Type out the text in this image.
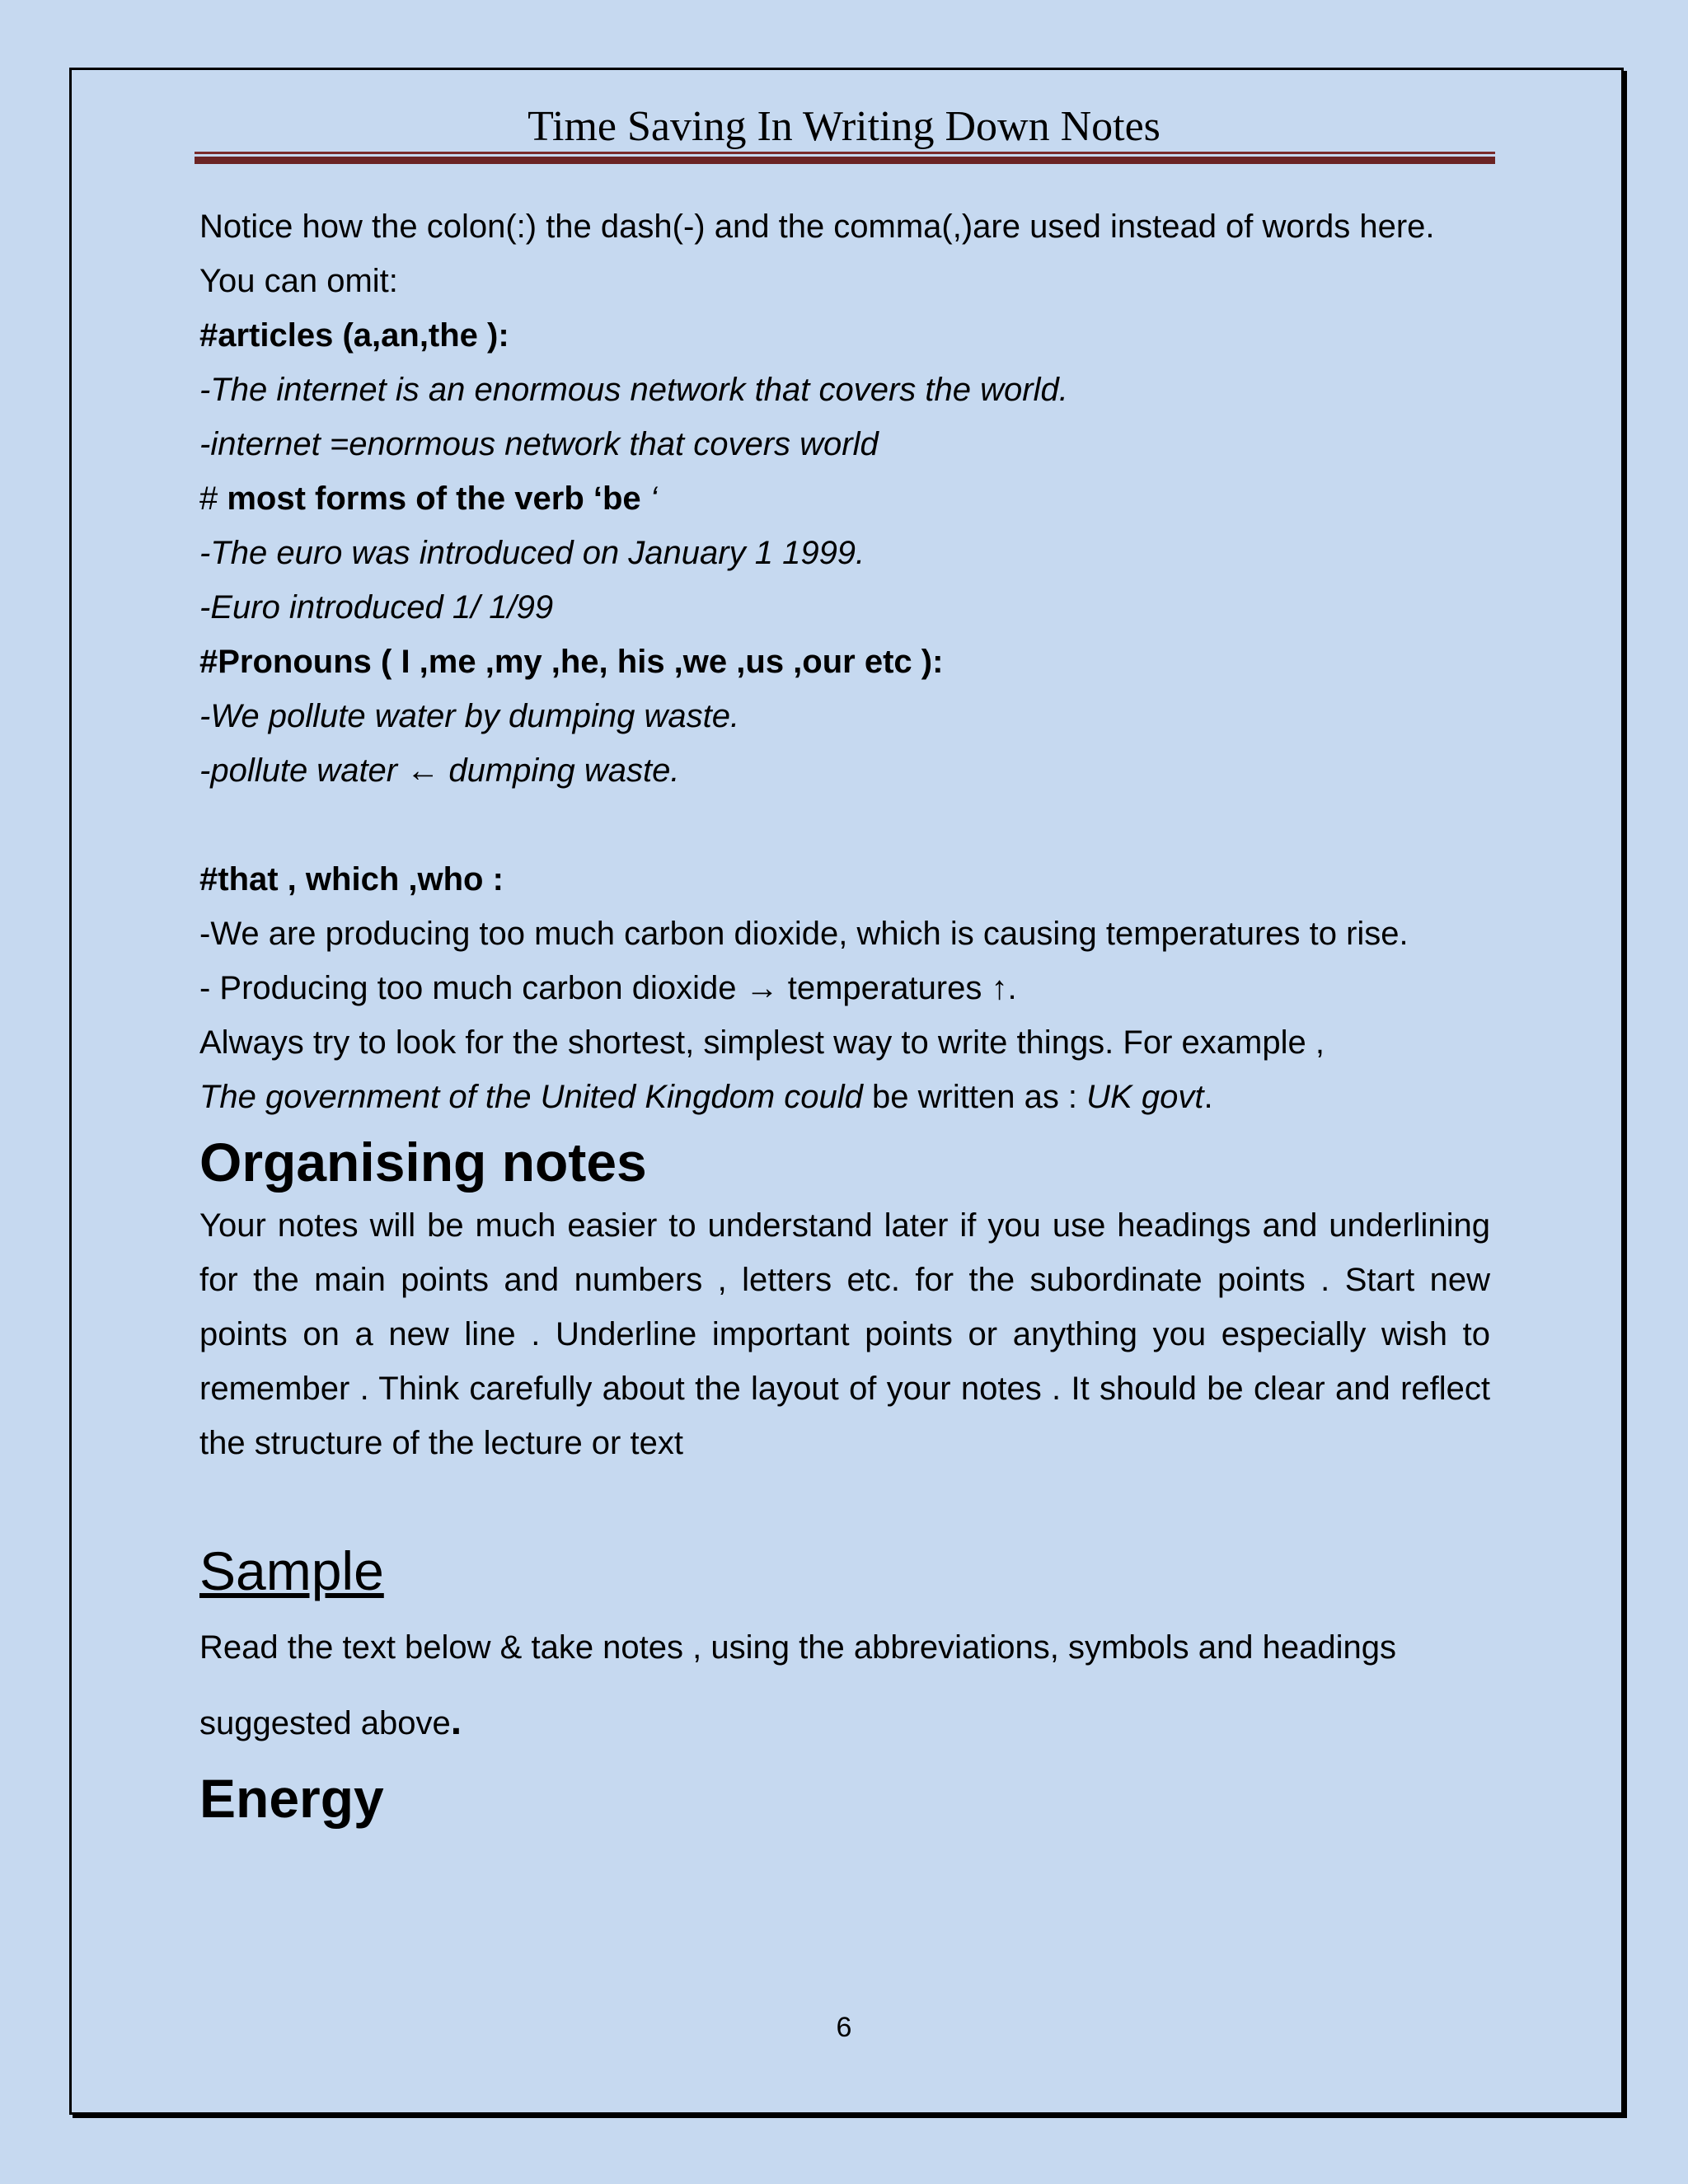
Time Saving In Writing Down Notes
Notice how the colon(:) the dash(-) and the comma(,)are used instead of words here.
You can omit:
#articles (a,an,the ):
-The internet is an enormous network that covers the world.
-internet =enormous network that covers world
# most forms of the verb ‘be ‘
-The euro was introduced on January 1 1999.
-Euro introduced 1/ 1/99
#Pronouns ( I ,me ,my ,he, his ,we ,us ,our etc ):
-We pollute water by dumping waste.
-pollute water ← dumping waste.
#that , which ,who :
-We are producing too much carbon dioxide, which is causing temperatures to rise.
- Producing too much carbon dioxide → temperatures ↑.
Always try to look for the shortest, simplest way to write things. For example ,
The government of the United Kingdom could be written as : UK govt.
Organising notes
Your notes will be much easier to understand later if you use headings and underlining for the main points and numbers , letters etc. for the subordinate points . Start new points on a new line . Underline important points or anything you especially wish to remember . Think carefully about the layout of your notes . It should be clear and reflect the structure of the lecture or text
Sample
Read the text below & take notes , using the abbreviations, symbols and headings
suggested above.
Energy
6
